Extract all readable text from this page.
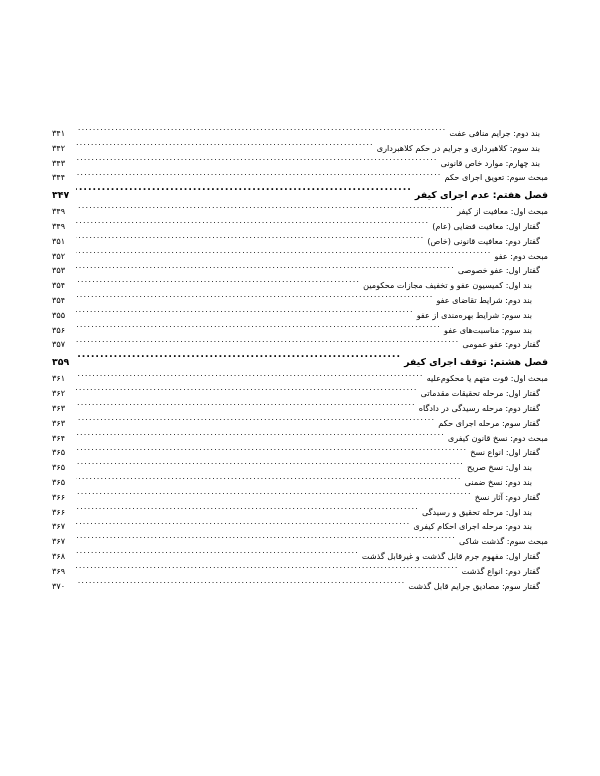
بند دوم: جرایم منافی عفت
.....
۳۴۱
بند سوم: کلاهبرداری و جرایم در حکم کلاهبرداری
.....
۳۴۲
بند چهارم: موارد خاص قانونی
.....
۳۴۳
مبحث سوم: تعویق اجرای حکم
.....
۳۴۴
فصل هفتم: عدم اجرای کیفر
.....
۳۴۷
مبحث اول: معافیت از کیفر
.....
۳۴۹
گفتار اول: معافیت قضایی (عام)
.....
۳۴۹
گفتار دوم: معافیت قانونی (خاص)
.....
۳۵۱
مبحث دوم: عفو
.....
۳۵۲
گفتار اول: عفو خصوصی
.....
۳۵۳
بند اول: کمیسیون عفو و تخفیف مجازات محکومین
.....
۳۵۴
بند دوم: شرایط تقاضای عفو
.....
۳۵۴
بند سوم: شرایط بهره‌مندی از عفو
.....
۳۵۵
بند سوم: مناسبت‌های عفو
.....
۳۵۶
گفتار دوم: عفو عمومی
.....
۳۵۷
فصل هشتم: توقف اجرای کیفر
.....
۳۵۹
مبحث اول: فوت متهم یا محکوم‌علیه
.....
۳۶۱
گفتار اول: مرحله تحقیقات مقدماتی
.....
۳۶۲
گفتار دوم: مرحله رسیدگی در دادگاه
.....
۳۶۳
گفتار سوم: مرحله اجرای حکم
.....
۳۶۳
مبحث دوم: نسخ قانون کیفری
.....
۳۶۴
گفتار اول: انواع نسخ
.....
۳۶۵
بند اول: نسخ صریح
.....
۳۶۵
بند دوم: نسخ ضمنی
.....
۳۶۵
گفتار دوم: آثار نسخ
.....
۳۶۶
بند اول: مرحله تحقیق و رسیدگی
.....
۳۶۶
بند دوم: مرحله اجرای احکام کیفری
.....
۳۶۷
مبحث سوم: گذشت شاکی
.....
۳۶۷
گفتار اول: مفهوم جرم قابل گذشت و غیرقابل گذشت
.....
۳۶۸
گفتار دوم: انواع گذشت
.....
۳۶۹
گفتار سوم: مصادیق جرایم قابل گذشت
.....
۳۷۰
